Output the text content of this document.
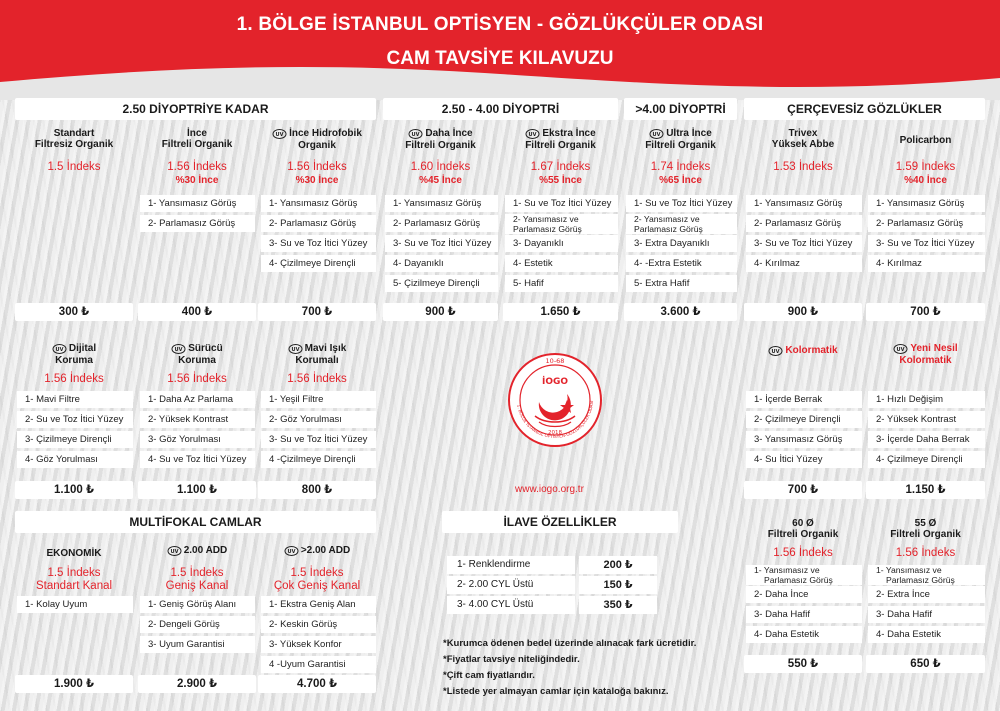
1. BÖLGE İSTANBUL OPTİSYEN - GÖZLÜKÇÜLER ODASI
CAM TAVSİYE KILAVUZU
2.50 DİYOPTRİYE KADAR	2.50 - 4.00 DİYOPTRİ	>4.00 DİYOPTRİ	ÇERÇEVESİZ GÖZLÜKLER
Standart
Filtresiz Organik
1.5 İndeks
300 ₺
İnce
Filtreli Organik
1.56 İndeks
%30 İnce
1- Yansımasız Görüş
2- Parlamasız Görüş
400 ₺
UV İnce Hidrofobik
Organik
1.56 İndeks
%30 İnce
1- Yansımasız Görüş
2- Parlamasız Görüş
3- Su ve Toz İtici Yüzey
4- Çizilmeye Dirençli
700 ₺
UV Daha İnce
Filtreli Organik
1.60 İndeks
%45 İnce
1- Yansımasız Görüş
2- Parlamasız Görüş
3- Su ve Toz İtici Yüzey
4- Dayanıklı
5- Çizilmeye Dirençli
900 ₺
UV Ekstra İnce
Filtreli Organik
1.67 İndeks
%55 İnce
1- Su ve Toz İtici Yüzey
2- Yansımasız ve
Parlamasız Görüş
3- Dayanıklı
4- Estetik
5- Hafif
1.650 ₺
UV Ultra İnce
Filtreli Organik
1.74 İndeks
%65 İnce
1- Su ve Toz İtici Yüzey
2- Yansımasız ve
Parlamasız Görüş
3- Extra Dayanıklı
4- -Extra Estetik
5- Extra Hafif
3.600 ₺
Trivex
Yüksek Abbe
1.53 İndeks
1- Yansımasız Görüş
2- Parlamasız Görüş
3- Su ve Toz İtici Yüzey
4- Kırılmaz
900 ₺
Policarbon
1.59 İndeks
%40 İnce
1- Yansımasız Görüş
2- Parlamasız Görüş
3- Su ve Toz İtici Yüzey
4- Kırılmaz
700 ₺
UV Dijital
Koruma
1.56 İndeks
1- Mavi Filtre
2- Su ve Toz İtici Yüzey
3- Çizilmeye Dirençli
4- Göz Yorulması
1.100 ₺
UV Sürücü
Koruma
1.56 İndeks
1- Daha Az Parlama
2- Yüksek Kontrast
3- Göz Yorulması
4- Su ve Toz İtici Yüzey
1.100 ₺
UV Mavi Işık
Korumalı
1.56 İndeks
1- Yeşil Filtre
2- Göz Yorulması
3- Su ve Toz İtici Yüzey
4 -Çizilmeye Dirençli
800 ₺
10-68
İOGO
2018
1. BÖLGE İSTANBUL OPTİSYEN-GÖZLÜKÇÜLER ODASI
www.iogo.org.tr
UV Kolormatik
1- İçerde Berrak
2- Çizilmeye Dirençli
3- Yansımasız Görüş
4- Su İtici Yüzey
700 ₺
UV Yeni Nesil
Kolormatik
1- Hızlı Değişim
2- Yüksek Kontrast
3- İçerde Daha Berrak
4- Çizilmeye Dirençli
1.150 ₺
MULTİFOKAL CAMLAR
EKONOMİK
1.5 İndeks
Standart Kanal
1- Kolay Uyum
1.900 ₺
UV 2.00 ADD
1.5 İndeks
Geniş Kanal
1- Geniş Görüş Alanı
2- Dengeli Görüş
3- Uyum Garantisi
2.900 ₺
UV >2.00 ADD
1.5 İndeks
Çok Geniş Kanal
1- Ekstra Geniş Alan
2- Keskin Görüş
3- Yüksek Konfor
4 -Uyum Garantisi
4.700 ₺
İLAVE ÖZELLİKLER
1- Renklendirme	200 ₺
2- 2.00 CYL Üstü	150 ₺
3- 4.00 CYL Üstü	350 ₺
*Kurumca ödenen bedel üzerinde alınacak fark ücretidir.
*Fiyatlar tavsiye niteliğindedir.
*Çift cam fiyatlarıdır.
*Listede yer almayan camlar için kataloğa bakınız.
60 Ø
Filtreli Organik
1.56 İndeks
1- Yansımasız ve
Parlamasız Görüş
2- Daha İnce
3- Daha Hafif
4- Daha Estetik
550 ₺
55 Ø
Filtreli Organik
1.56 İndeks
1- Yansımasız ve
Parlamasız Görüş
2- Extra İnce
3- Daha Hafif
4- Daha Estetik
650 ₺
